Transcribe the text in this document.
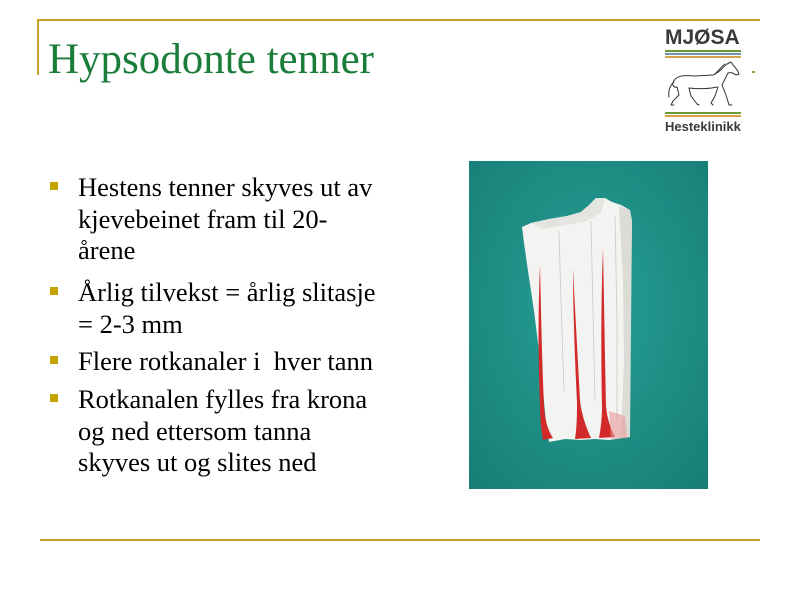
Hypsodonte tenner	MJØSA
Hesteklinikk
Hestens tenner skyves ut av
kjevebeinet fram til 20-
årene
Årlig tilvekst = årlig slitasje
= 2-3 mm
Flere rotkanaler i  hver tann
Rotkanalen fylles fra krona
og ned ettersom tanna
skyves ut og slites ned
